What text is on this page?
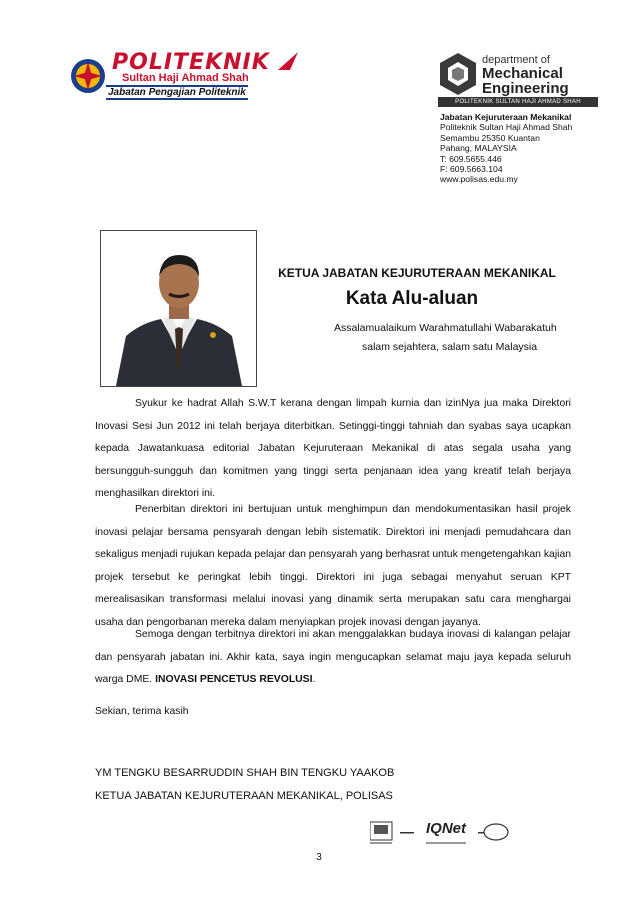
POLITEKNIK
Sultan Haji Ahmad Shah
Jabatan Pengajian Politeknik
department of
Mechanical
Engineering
POLITEKNIK SULTAN HAJI AHMAD SHAH
Jabatan Kejuruteraan Mekanikal
Politeknik Sultan Haji Ahmad Shah
Semambu 25350 Kuantan
Pahang, MALAYSIA
T: 609.5655.446
F: 609.5663.104
www.polisas.edu.my
KETUA JABATAN KEJURUTERAAN MEKANIKAL
Kata Alu-aluan
Assalamualaikum Warahmatullahi Wabarakatuh
salam sejahtera, salam satu Malaysia
Syukur ke hadrat Allah S.W.T kerana dengan limpah kurnia dan izinNya jua maka Direktori Inovasi Sesi Jun 2012 ini telah berjaya diterbitkan. Setinggi-tinggi tahniah dan syabas saya ucapkan kepada Jawatankuasa editorial Jabatan Kejuruteraan Mekanikal di atas segala usaha yang bersungguh-sungguh dan komitmen yang tinggi serta penjanaan idea yang kreatif telah berjaya menghasilkan direktori ini.
Penerbitan direktori ini bertujuan untuk menghimpun dan mendokumentasikan hasil projek inovasi pelajar bersama pensyarah dengan lebih sistematik. Direktori ini menjadi pemudahcara dan sekaligus menjadi rujukan kepada pelajar dan pensyarah yang berhasrat untuk mengetengahkan kajian projek tersebut ke peringkat lebih tinggi. Direktori ini juga sebagai menyahut seruan KPT merealisasikan transformasi melalui inovasi yang dinamik serta merupakan satu cara menghargai usaha dan pengorbanan mereka dalam menyiapkan projek inovasi dengan jayanya.
Semoga dengan terbitnya direktori ini akan menggalakkan budaya inovasi di kalangan pelajar dan pensyarah jabatan ini. Akhir kata, saya ingin mengucapkan selamat maju jaya kepada seluruh warga DME. INOVASI PENCETUS REVOLUSI.
Sekian, terima kasih
YM TENGKU BESARRUDDIN SHAH BIN TENGKU YAAKOB
KETUA JABATAN KEJURUTERAAN MEKANIKAL, POLISAS
IQNet
3
